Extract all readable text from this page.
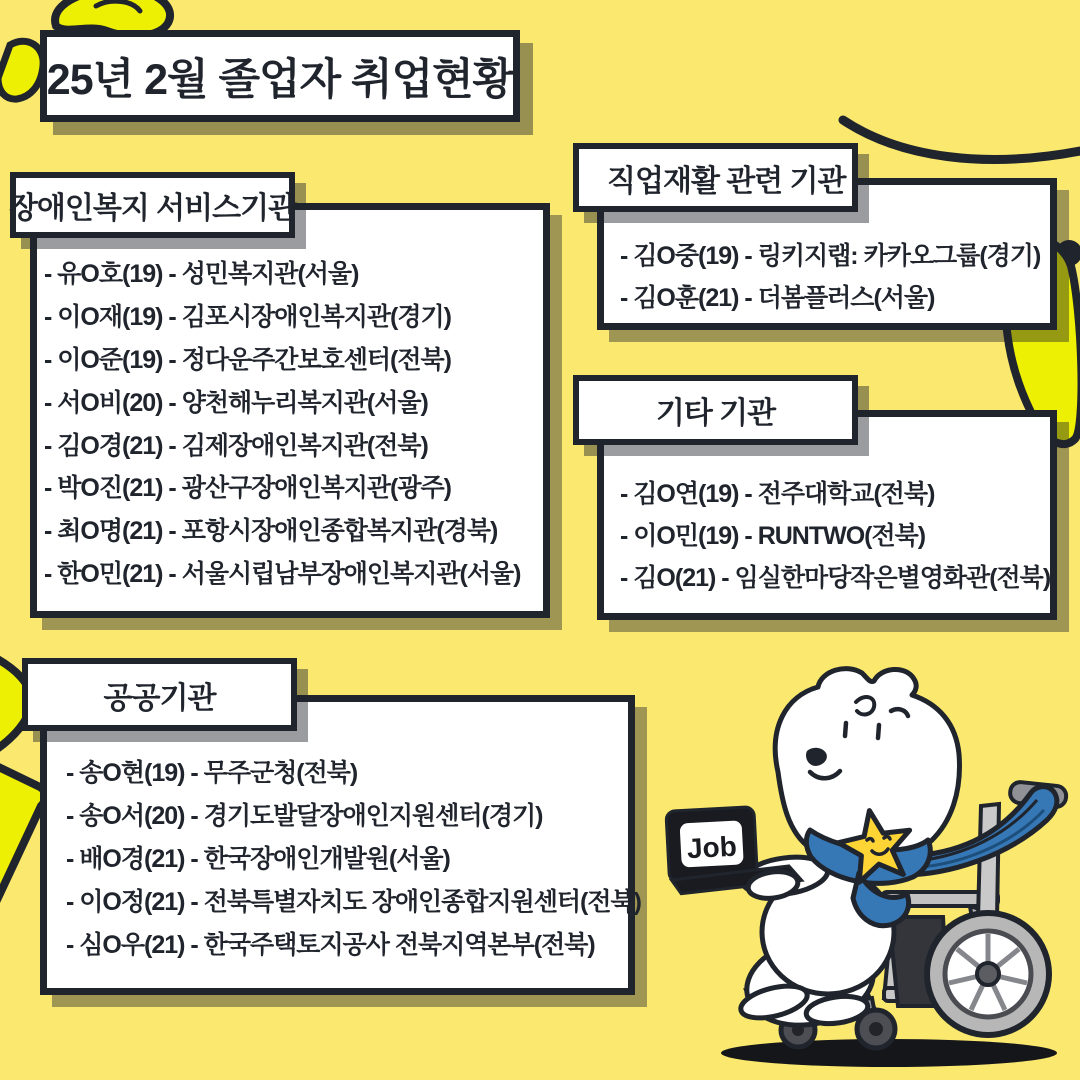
25년 2월 졸업자 취업현황
장애인복지 서비스기관
- 유O호(19) - 성민복지관(서울)
- 이O재(19) - 김포시장애인복지관(경기)
- 이O준(19) - 정다운주간보호센터(전북)
- 서O비(20) - 양천해누리복지관(서울)
- 김O경(21) - 김제장애인복지관(전북)
- 박O진(21) - 광산구장애인복지관(광주)
- 최O명(21) - 포항시장애인종합복지관(경북)
- 한O민(21) - 서울시립남부장애인복지관(서울)
직업재활 관련 기관
- 김O중(19) - 링키지랩: 카카오그룹(경기)
- 김O훈(21) - 더봄플러스(서울)
기타 기관
- 김O연(19) - 전주대학교(전북)
- 이O민(19) - RUNTWO(전북)
- 김O(21) - 임실한마당작은별영화관(전북)
공공기관
- 송O현(19) - 무주군청(전북)
- 송O서(20) - 경기도발달장애인지원센터(경기)
- 배O경(21) - 한국장애인개발원(서울)
- 이O정(21) - 전북특별자치도 장애인종합지원센터(전북)
- 심O우(21) - 한국주택토지공사 전북지역본부(전북)
Job
